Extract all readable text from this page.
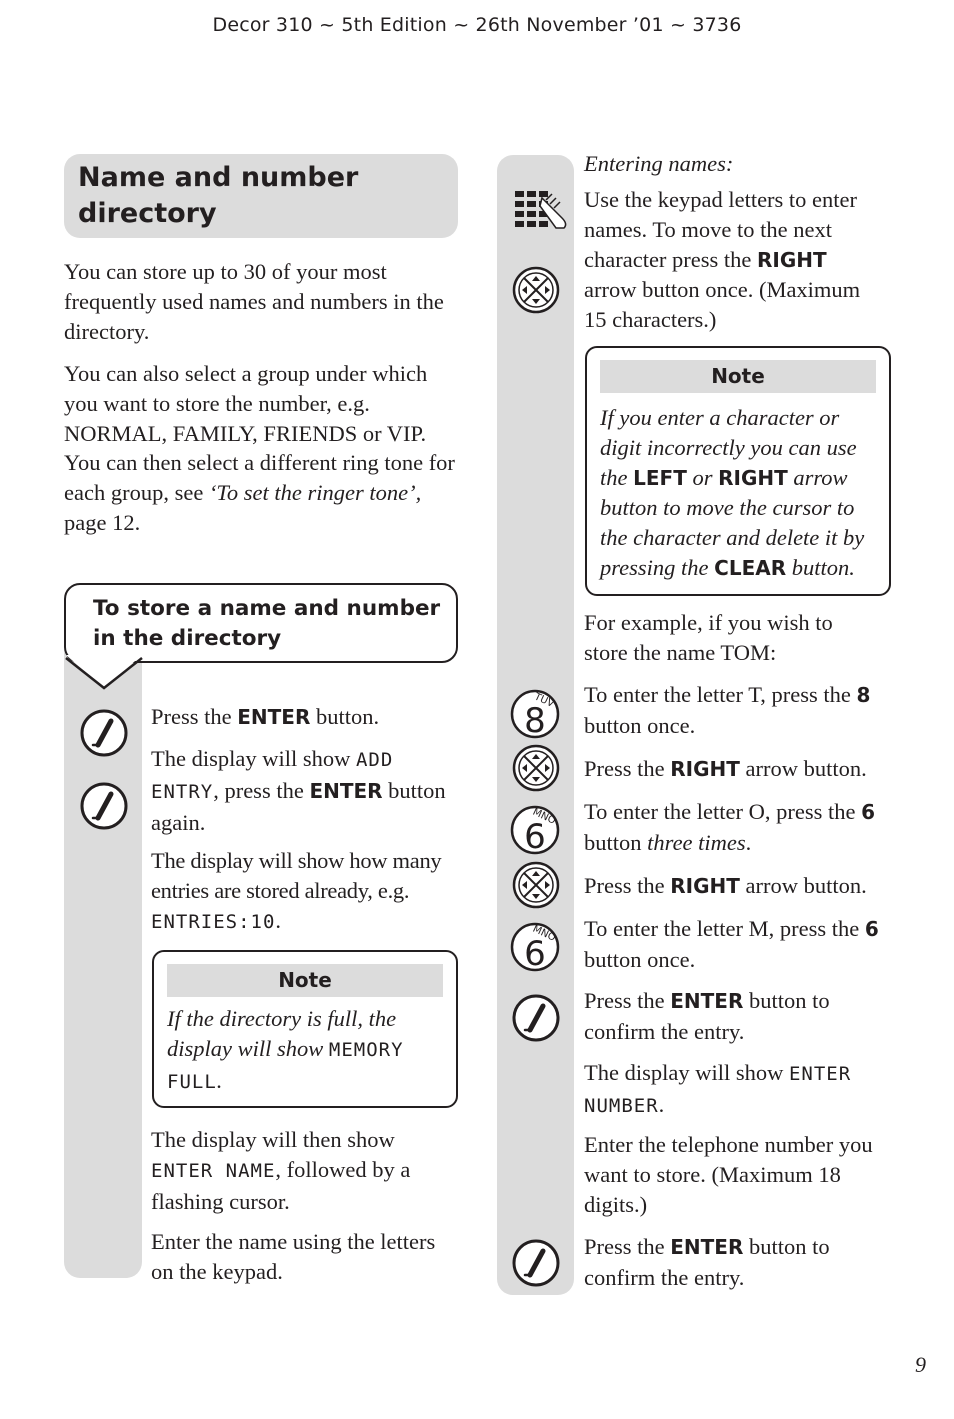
Decor 310 ~ 5th Edition ~ 26th November ’01 ~ 3736
Name and number
directory
You can store up to 30 of your most frequently used names and numbers in the directory.
You can also select a group under which you want to store the number, e.g. NORMAL, FAMILY, FRIENDS or VIP. You can then select a different ring tone for each group, see ‘To set the ringer tone’, page 12.
To store a name and number
in the directory
Press the ENTER button.
The display will show ADD ENTRY, press the ENTER button again.
The display will show how many entries are stored already, e.g. ENTRIES:10.
Note
If the directory is full, the display will show MEMORY FULL.
The display will then show ENTER NAME, followed by a flashing cursor.
Enter the name using the letters on the keypad.
8
TUV
6
MNO
6
MNO
Entering names:
Use the keypad letters to enter names. To move to the next character press the RIGHT arrow button once. (Maximum 15 characters.)
Note
If you enter a character or digit incorrectly you can use the LEFT or RIGHT arrow button to move the cursor to the character and delete it by pressing the CLEAR button.
For example, if you wish to store the name TOM:
To enter the letter T, press the 8 button once.
Press the RIGHT arrow button.
To enter the letter O, press the 6 button three times.
Press the RIGHT arrow button.
To enter the letter M, press the 6 button once.
Press the ENTER button to confirm the entry.
The display will show ENTER NUMBER.
Enter the telephone number you want to store. (Maximum 18 digits.)
Press the ENTER button to confirm the entry.
9
